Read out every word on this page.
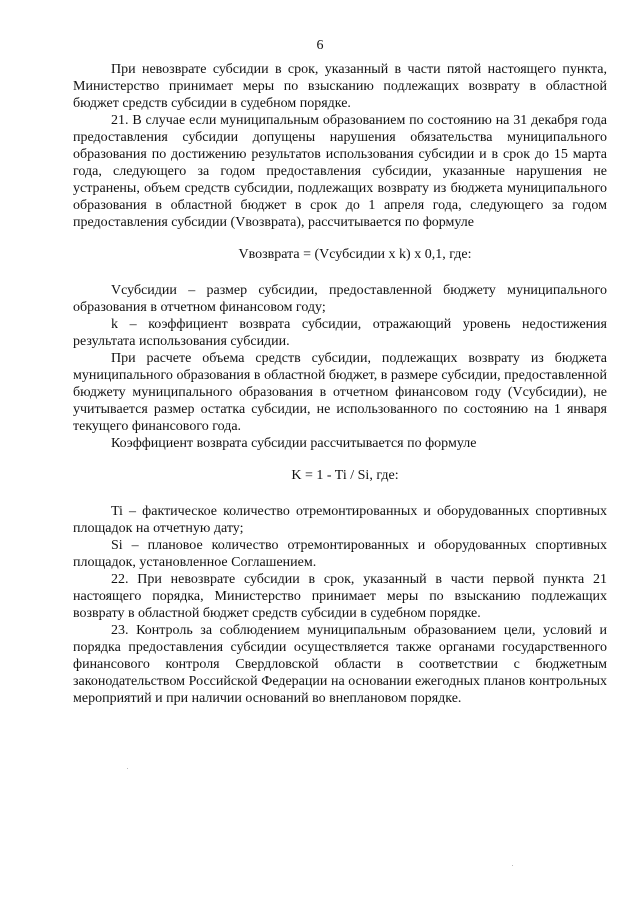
6

При невозврате субсидии в срок, указанный в части пятой настоящего пункта, Министерство принимает меры по взысканию подлежащих возврату в областной бюджет средств субсидии в судебном порядке.

21. В случае если муниципальным образованием по состоянию на 31 декабря года предоставления субсидии допущены нарушения обязательства муниципального образования по достижению результатов использования субсидии и в срок до 15 марта года, следующего за годом предоставления субсидии, указанные нарушения не устранены, объем средств субсидии, подлежащих возврату из бюджета муниципального образования в областной бюджет в срок до 1 апреля года, следующего за годом предоставления субсидии (Vвозврата), рассчитывается по формуле

Vвозврата = (Vсубсидии x k) x 0,1, где:

Vсубсидии – размер субсидии, предоставленной бюджету муниципального образования в отчетном финансовом году;

k – коэффициент возврата субсидии, отражающий уровень недостижения результата использования субсидии.

При расчете объема средств субсидии, подлежащих возврату из бюджета муниципального образования в областной бюджет, в размере субсидии, предоставленной бюджету муниципального образования в отчетном финансовом году (Vсубсидии), не учитывается размер остатка субсидии, не использованного по состоянию на 1 января текущего финансового года.

Коэффициент возврата субсидии рассчитывается по формуле

K = 1 - Ti / Si, где:

Ti – фактическое количество отремонтированных и оборудованных спортивных площадок на отчетную дату;

Si – плановое количество отремонтированных и оборудованных спортивных площадок, установленное Соглашением.

22. При невозврате субсидии в срок, указанный в части первой пункта 21 настоящего порядка, Министерство принимает меры по взысканию подлежащих возврату в областной бюджет средств субсидии в судебном порядке.

23. Контроль за соблюдением муниципальным образованием цели, условий и порядка предоставления субсидии осуществляется также органами государственного финансового контроля Свердловской области в соответствии с бюджетным законодательством Российской Федерации на основании ежегодных планов контрольных мероприятий и при наличии оснований во внеплановом порядке.
